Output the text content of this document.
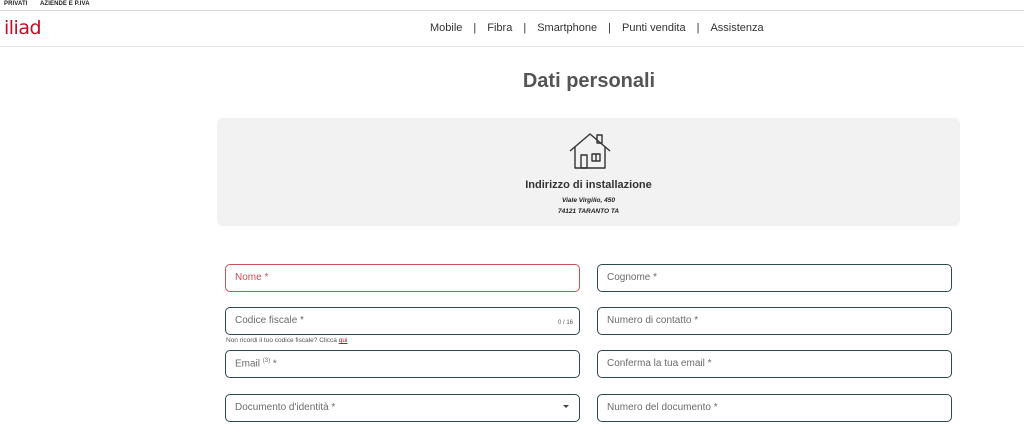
PRIVATI AZIENDE E P.IVA
iliad	Mobile | Fibra | Smartphone | Punti vendita | Assistenza
Dati personali
Indirizzo di installazione
Viale Virgilio, 450
74121 TARANTO TA
Nome *	Cognome *
Codice fiscale *	0 / 16	Numero di contatto *
Non ricordi il tuo codice fiscale? Clicca qui
Email $^{(3)}$ *	Conferma la tua email *
Documento d'identità *	Numero del documento *
